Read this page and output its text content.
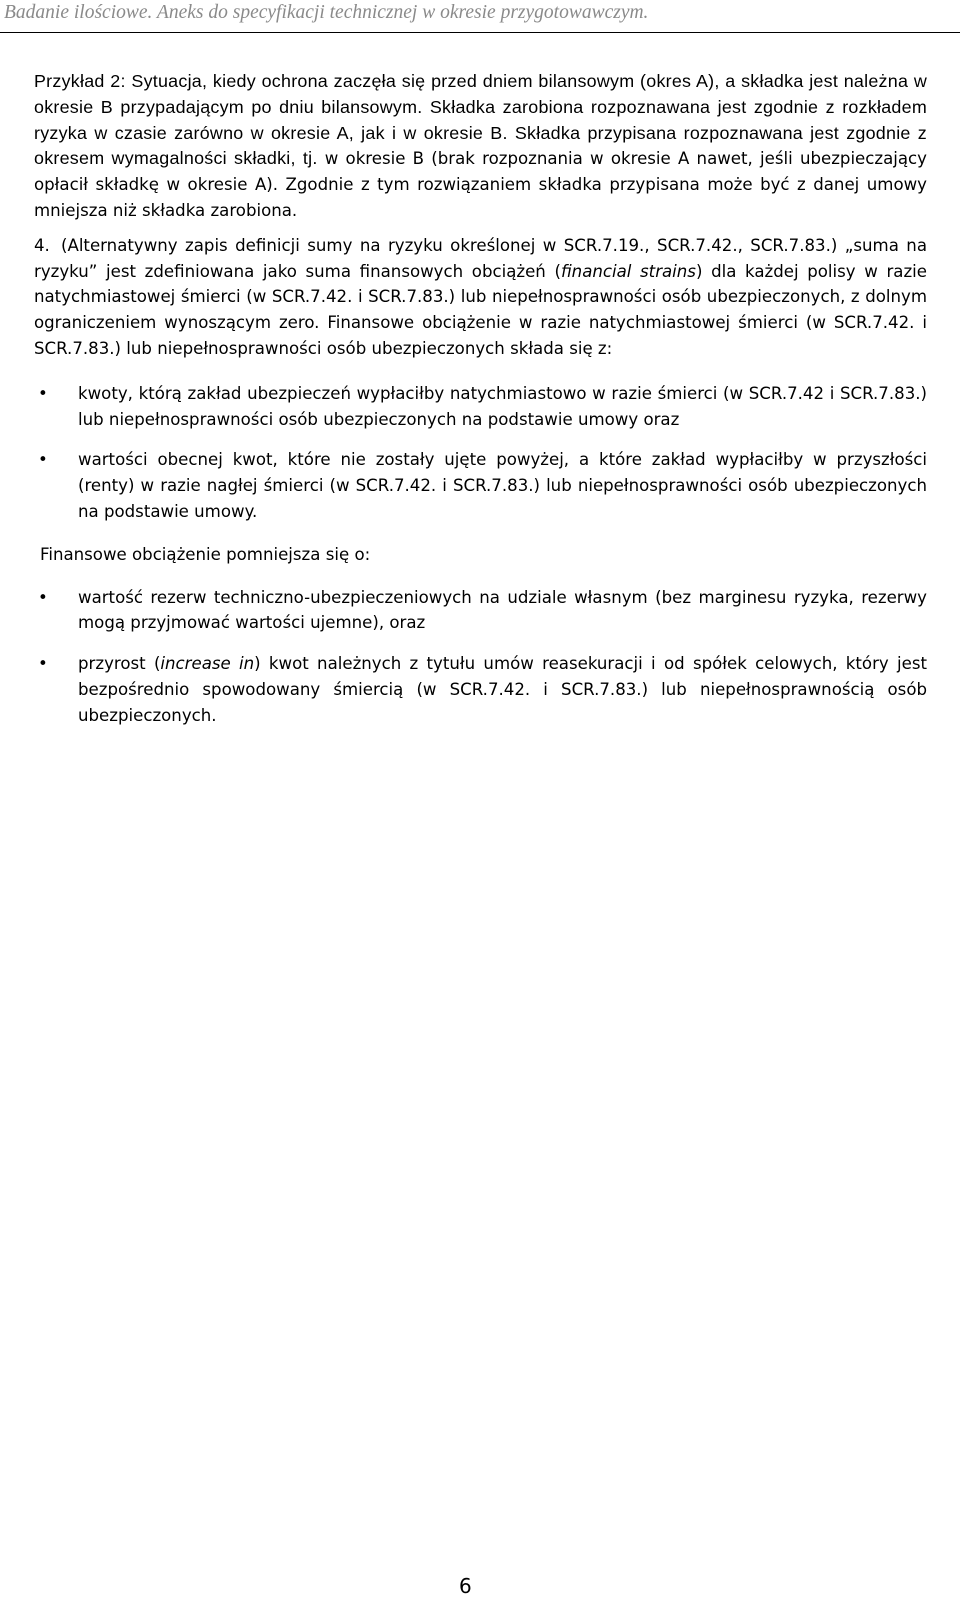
Badanie ilościowe. Aneks do specyfikacji technicznej w okresie przygotowawczym.

Przykład 2: Sytuacja, kiedy ochrona zaczęła się przed dniem bilansowym (okres A), a składka jest należna w okresie B przypadającym po dniu bilansowym. Składka zarobiona rozpoznawana jest zgodnie z rozkładem ryzyka w czasie zarówno w okresie A, jak i w okresie B. Składka przypisana rozpoznawana jest zgodnie z okresem wymagalności składki, tj. w okresie B (brak rozpoznania w okresie A nawet, jeśli ubezpieczający opłacił składkę w okresie A). Zgodnie z tym rozwiązaniem składka przypisana może być z danej umowy mniejsza niż składka zarobiona.

4. (Alternatywny zapis definicji sumy na ryzyku określonej w SCR.7.19., SCR.7.42., SCR.7.83.) „suma na ryzyku” jest zdefiniowana jako suma finansowych obciążeń (financial strains) dla każdej polisy w razie natychmiastowej śmierci (w SCR.7.42. i SCR.7.83.) lub niepełnosprawności osób ubezpieczonych, z dolnym ograniczeniem wynoszącym zero. Finansowe obciążenie w razie natychmiastowej śmierci (w SCR.7.42. i SCR.7.83.) lub niepełnosprawności osób ubezpieczonych składa się z:

• kwoty, którą zakład ubezpieczeń wypłaciłby natychmiastowo w razie śmierci (w SCR.7.42 i SCR.7.83.) lub niepełnosprawności osób ubezpieczonych na podstawie umowy oraz
• wartości obecnej kwot, które nie zostały ujęte powyżej, a które zakład wypłaciłby w przyszłości (renty) w razie nagłej śmierci (w SCR.7.42. i SCR.7.83.) lub niepełnosprawności osób ubezpieczonych na podstawie umowy.

Finansowe obciążenie pomniejsza się o:

• wartość rezerw techniczno-ubezpieczeniowych na udziale własnym (bez marginesu ryzyka, rezerwy mogą przyjmować wartości ujemne), oraz
• przyrost (increase in) kwot należnych z tytułu umów reasekuracji i od spółek celowych, który jest bezpośrednio spowodowany śmiercią (w SCR.7.42. i SCR.7.83.) lub niepełnosprawnością osób ubezpieczonych.
6
